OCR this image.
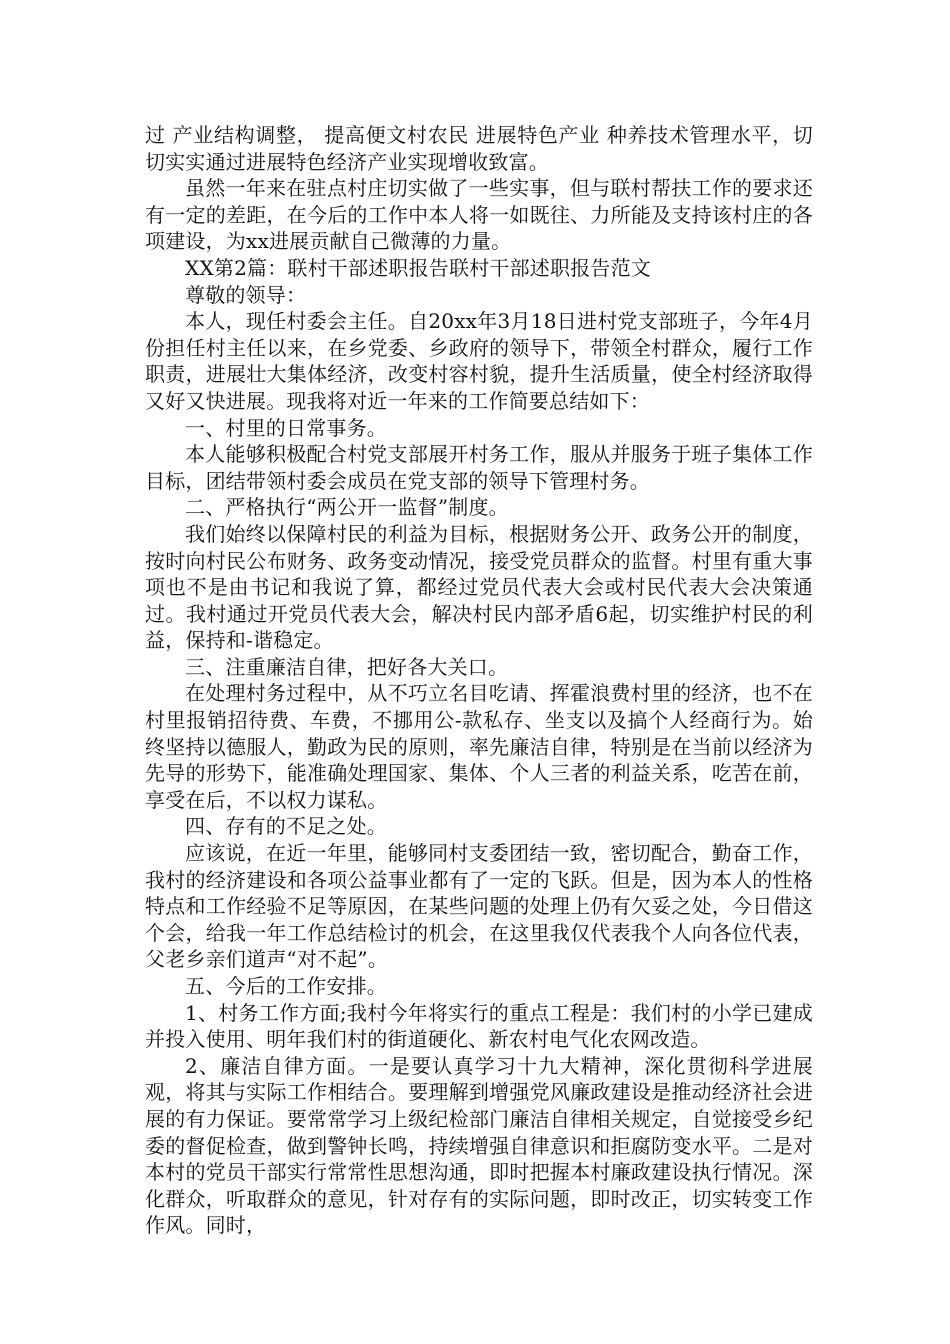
过 产业结构调整， 提高便文村农民 进展特色产业 种养技术管理水平，切切实实通过进展特色经济产业实现增收致富。

虽然一年来在驻点村庄切实做了一些实事，但与联村帮扶工作的要求还有一定的差距，在今后的工作中本人将一如既往、力所能及支持该村庄的各项建设，为xx进展贡献自己微薄的力量。

XX第2篇：联村干部述职报告联村干部述职报告范文

尊敬的领导：

本人，现任村委会主任。自20xx年3月18日进村党支部班子，今年4月份担任村主任以来，在乡党委、乡政府的领导下，带领全村群众，履行工作职责，进展壮大集体经济，改变村容村貌，提升生活质量，使全村经济取得又好又快进展。现我将对近一年来的工作简要总结如下：

一、村里的日常事务。

本人能够积极配合村党支部展开村务工作，服从并服务于班子集体工作目标，团结带领村委会成员在党支部的领导下管理村务。

二、严格执行“两公开一监督”制度。

我们始终以保障村民的利益为目标，根据财务公开、政务公开的制度，按时向村民公布财务、政务变动情况，接受党员群众的监督。村里有重大事项也不是由书记和我说了算，都经过党员代表大会或村民代表大会决策通过。我村通过开党员代表大会，解决村民内部矛盾6起，切实维护村民的利益，保持和-谐稳定。

三、注重廉洁自律，把好各大关口。

在处理村务过程中，从不巧立名目吃请、挥霍浪费村里的经济，也不在村里报销招待费、车费，不挪用公-款私存、坐支以及搞个人经商行为。始终坚持以德服人，勤政为民的原则，率先廉洁自律，特别是在当前以经济为先导的形势下，能准确处理国家、集体、个人三者的利益关系，吃苦在前，享受在后，不以权力谋私。

四、存有的不足之处。

应该说，在近一年里，能够同村支委团结一致，密切配合，勤奋工作，我村的经济建设和各项公益事业都有了一定的飞跃。但是，因为本人的性格特点和工作经验不足等原因，在某些问题的处理上仍有欠妥之处，今日借这个会，给我一年工作总结检讨的机会，在这里我仅代表我个人向各位代表，父老乡亲们道声“对不起”。

五、今后的工作安排。

1、村务工作方面;我村今年将实行的重点工程是：我们村的小学已建成并投入使用、明年我们村的街道硬化、新农村电气化农网改造。

2、廉洁自律方面。一是要认真学习十九大精神，深化贯彻科学进展观，将其与实际工作相结合。要理解到增强党风廉政建设是推动经济社会进展的有力保证。要常常学习上级纪检部门廉洁自律相关规定，自觉接受乡纪委的督促检查，做到警钟长鸣，持续增强自律意识和拒腐防变水平。二是对本村的党员干部实行常常性思想沟通，即时把握本村廉政建设执行情况。深化群众，听取群众的意见，针对存有的实际问题，即时改正，切实转变工作作风。同时，
